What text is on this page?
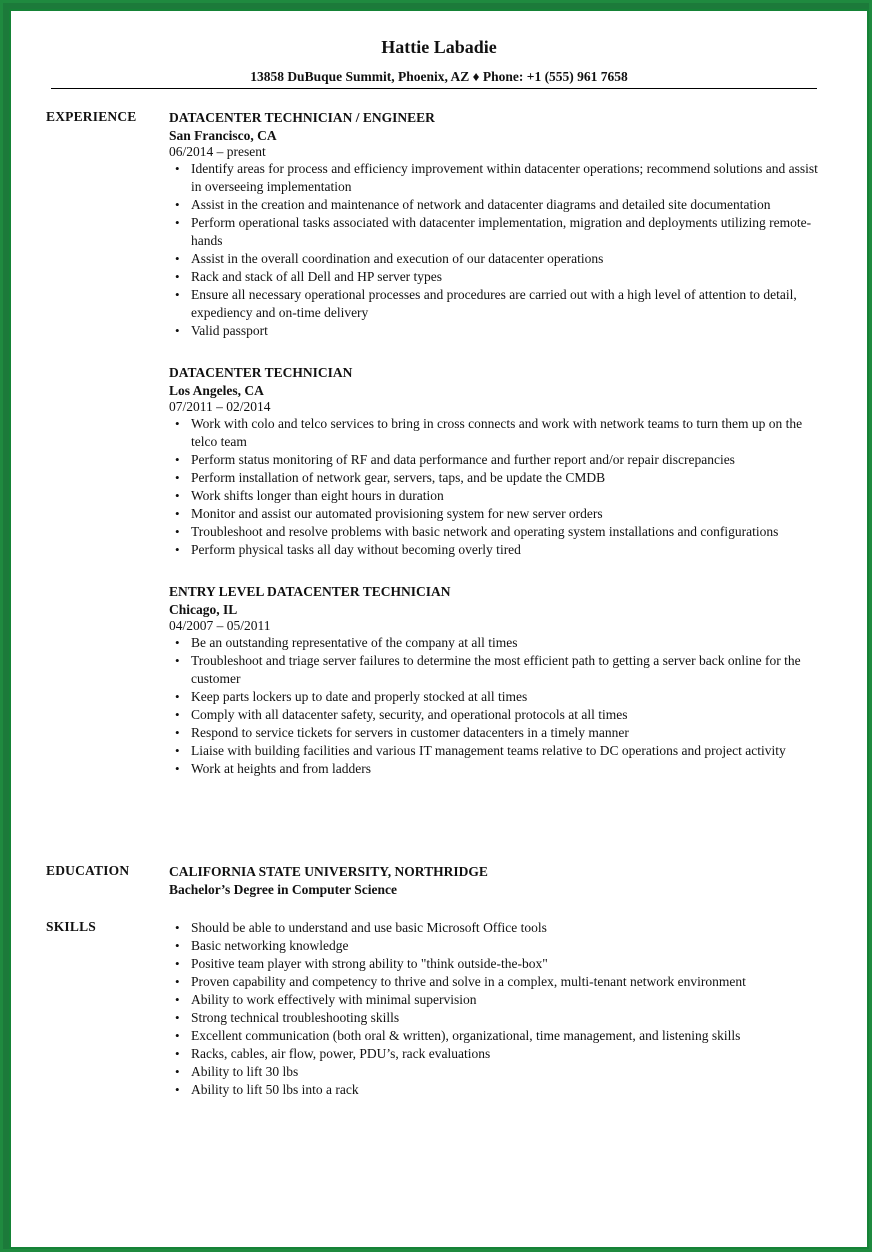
Hattie Labadie
13858 DuBuque Summit, Phoenix, AZ ♦ Phone: +1 (555) 961 7658
EXPERIENCE DATACENTER TECHNICIAN / ENGINEER
San Francisco, CA
06/2014 – present
• Identify areas for process and efficiency improvement within datacenter operations; recommend solutions and assist in overseeing implementation
• Assist in the creation and maintenance of network and datacenter diagrams and detailed site documentation
• Perform operational tasks associated with datacenter implementation, migration and deployments utilizing remote-hands
• Assist in the overall coordination and execution of our datacenter operations
• Rack and stack of all Dell and HP server types
• Ensure all necessary operational processes and procedures are carried out with a high level of attention to detail, expediency and on-time delivery
• Valid passport
DATACENTER TECHNICIAN
Los Angeles, CA
07/2011 – 02/2014
• Work with colo and telco services to bring in cross connects and work with network teams to turn them up on the telco team
• Perform status monitoring of RF and data performance and further report and/or repair discrepancies
• Perform installation of network gear, servers, taps, and be update the CMDB
• Work shifts longer than eight hours in duration
• Monitor and assist our automated provisioning system for new server orders
• Troubleshoot and resolve problems with basic network and operating system installations and configurations
• Perform physical tasks all day without becoming overly tired
ENTRY LEVEL DATACENTER TECHNICIAN
Chicago, IL
04/2007 – 05/2011
• Be an outstanding representative of the company at all times
• Troubleshoot and triage server failures to determine the most efficient path to getting a server back online for the customer
• Keep parts lockers up to date and properly stocked at all times
• Comply with all datacenter safety, security, and operational protocols at all times
• Respond to service tickets for servers in customer datacenters in a timely manner
• Liaise with building facilities and various IT management teams relative to DC operations and project activity
• Work at heights and from ladders
EDUCATION	CALIFORNIA STATE UNIVERSITY, NORTHRIDGE
Bachelor’s Degree in Computer Science
SKILLS
•	Should be able to understand and use basic Microsoft Office tools
• Basic networking knowledge
• Positive team player with strong ability to "think outside-the-box"
• Proven capability and competency to thrive and solve in a complex, multi-tenant network environment
• Ability to work effectively with minimal supervision
• Strong technical troubleshooting skills
• Excellent communication (both oral & written), organizational, time management, and listening skills
• Racks, cables, air flow, power, PDU’s, rack evaluations
• Ability to lift 30 lbs
• Ability to lift 50 lbs into a rack
